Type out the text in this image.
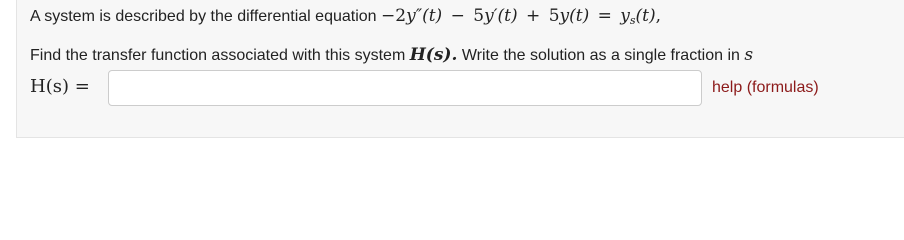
A system is described by the differential equation −2y″(t) − 5y′(t) + 5y(t) = ys(t),
Find the transfer function associated with this system H(s). Write the solution as a single fraction in s
H(s) =	help (formulas)
